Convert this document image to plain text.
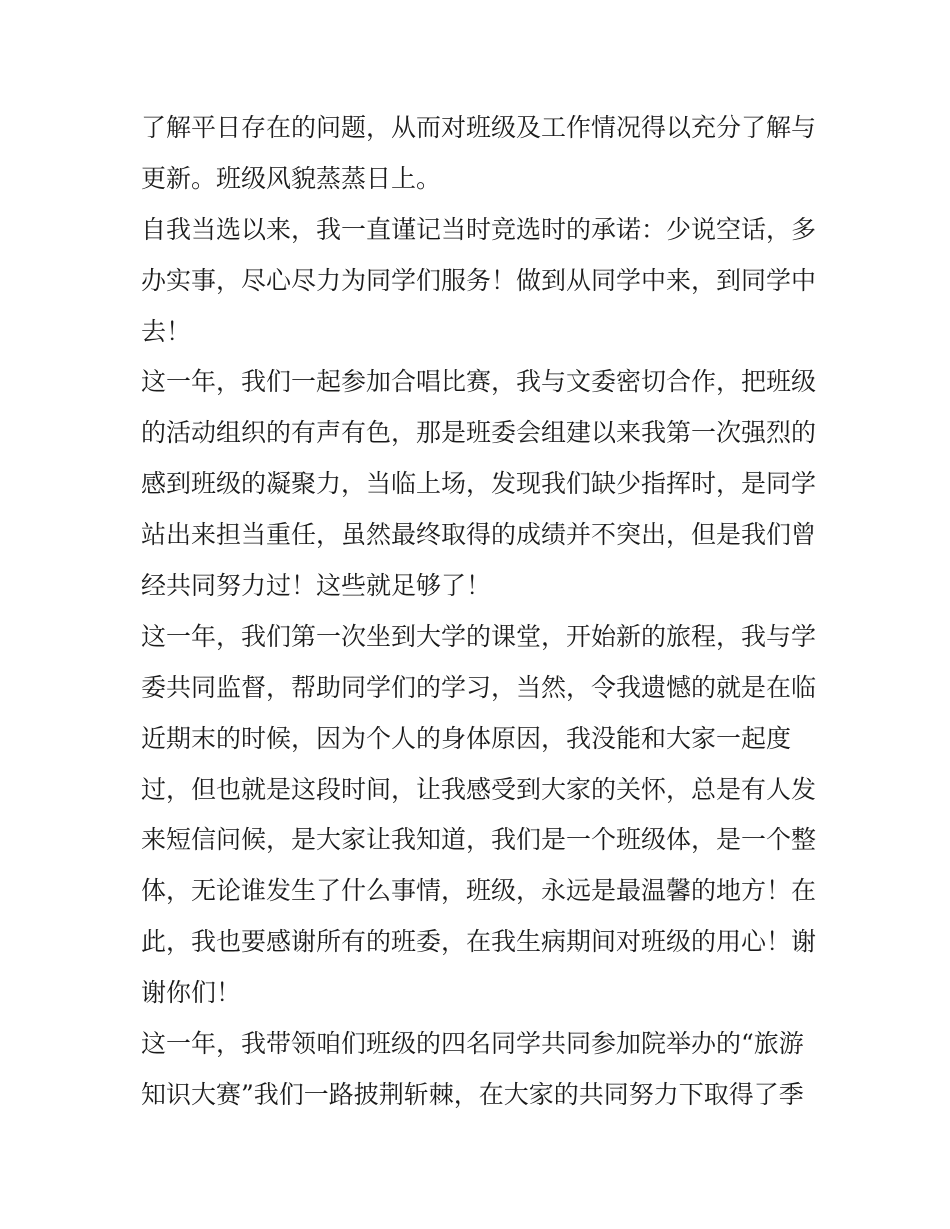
了解平日存在的问题，从而对班级及工作情况得以充分了解与
更新。班级风貌蒸蒸日上。
自我当选以来，我一直谨记当时竞选时的承诺：少说空话，多
办实事，尽心尽力为同学们服务！做到从同学中来，到同学中
去！
这一年，我们一起参加合唱比赛，我与文委密切合作，把班级
的活动组织的有声有色，那是班委会组建以来我第一次强烈的
感到班级的凝聚力，当临上场，发现我们缺少指挥时，是同学
站出来担当重任，虽然最终取得的成绩并不突出，但是我们曾
经共同努力过！这些就足够了！
这一年，我们第一次坐到大学的课堂，开始新的旅程，我与学
委共同监督，帮助同学们的学习，当然，令我遗憾的就是在临
近期末的时候，因为个人的身体原因，我没能和大家一起度
过，但也就是这段时间，让我感受到大家的关怀，总是有人发
来短信问候，是大家让我知道，我们是一个班级体，是一个整
体，无论谁发生了什么事情，班级，永远是最温馨的地方！在
此，我也要感谢所有的班委，在我生病期间对班级的用心！谢
谢你们！
这一年，我带领咱们班级的四名同学共同参加院举办的“旅游
知识大赛”我们一路披荆斩棘，在大家的共同努力下取得了季
